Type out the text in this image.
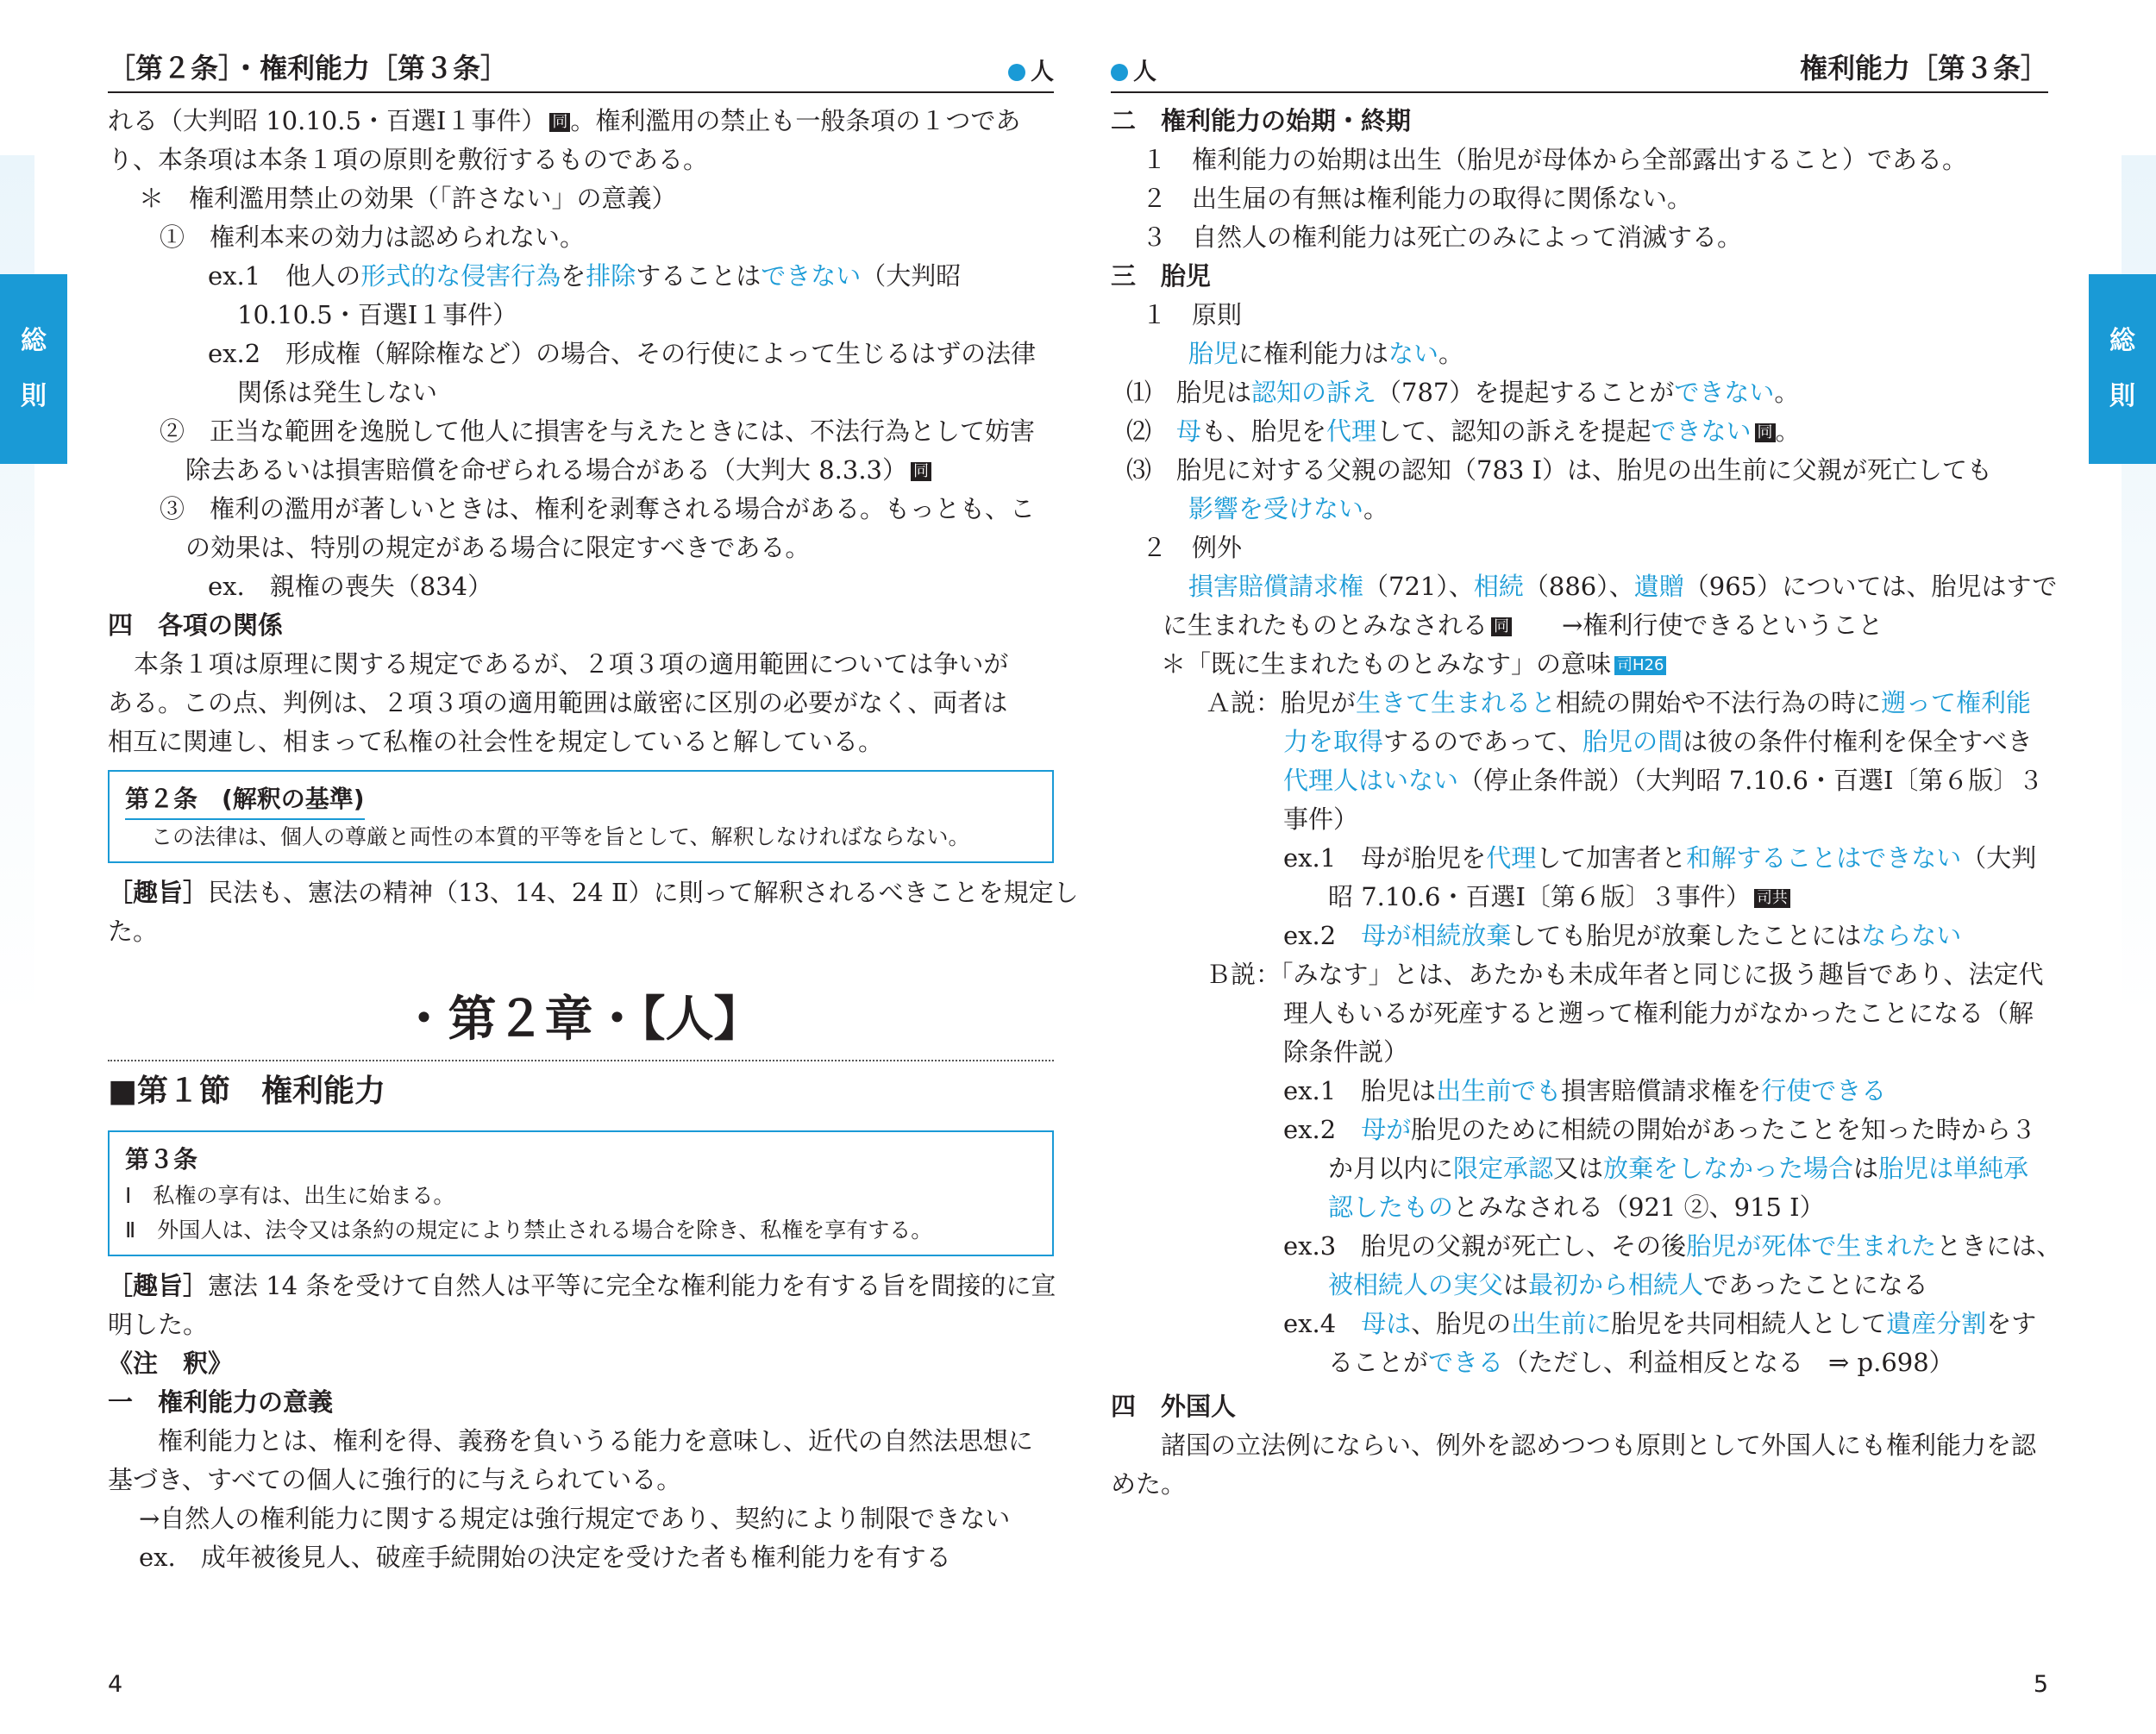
総
則
［第２条］・権利能力［第３条］	人

れる（大判昭 10.10.5・百選Ⅰ１事件） 同 。権利濫用の禁止も一般条項の１つであ

り、本条項は本条１項の原則を敷衍するものである。

＊　権利濫用禁止の効果（「許さない」の意義）

①　権利本来の効力は認められない。

ex.1　他人の形式的な侵害行為を排除することはできない（大判昭

10.10.5・百選Ⅰ１事件）

ex.2　形成権（解除権など）の場合、その行使によって生じるはずの法律

関係は発生しない

②　正当な範囲を逸脱して他人に損害を与えたときには、不法行為として妨害

除去あるいは損害賠償を命ぜられる場合がある（大判大 8.3.3） 同

③　権利の濫用が著しいときは、権利を剥奪される場合がある。もっとも、こ

の効果は、特別の規定がある場合に限定すべきである。

ex.　親権の喪失（834）

四　各項の関係

本条１項は原理に関する規定であるが、２項３項の適用範囲については争いが

ある。この点、判例は、２項３項の適用範囲は厳密に区別の必要がなく、両者は

相互に関連し、相まって私権の社会性を規定していると解している。

第２条　(解釈の基準)

この法律は、個人の尊厳と両性の本質的平等を旨として、解釈しなければならない。

［趣旨］民法も、憲法の精神（13、14、24 Ⅱ）に則って解釈されるべきことを規定し

た。

・第２章・【人】
■第１節　権利能力
第３条

Ⅰ　私権の享有は、出生に始まる。

Ⅱ　外国人は、法令又は条約の規定により禁止される場合を除き、私権を享有する。

［趣旨］憲法 14 条を受けて自然人は平等に完全な権利能力を有する旨を間接的に宣

明した。

《注　釈》

一　権利能力の意義

権利能力とは、権利を得、義務を負いうる能力を意味し、近代の自然法思想に

基づき、すべての個人に強行的に与えられている。

→自然人の権利能力に関する規定は強行規定であり、契約により制限できない

ex.　成年被後見人、破産手続開始の決定を受けた者も権利能力を有する

4
総
則
人	権利能力［第３条］

二　権利能力の始期・終期

１　権利能力の始期は出生（胎児が母体から全部露出すること）である。

２　出生届の有無は権利能力の取得に関係ない。

３　自然人の権利能力は死亡のみによって消滅する。

三　胎児

１　原則

胎児に権利能力はない。

⑴　胎児は認知の訴え（787）を提起することができない。

⑵　母も、胎児を代理して、認知の訴えを提起できない 同 。

⑶　胎児に対する父親の認知（783 Ⅰ）は、胎児の出生前に父親が死亡しても

影響を受けない。

２　例外

損害賠償請求権（721）、相続（886）、遺贈（965）については、胎児はすで

に生まれたものとみなされる 同　　 →権利行使できるということ

＊「既に生まれたものとみなす」の意味 司H26

Ａ説：胎児が生きて生まれると相続の開始や不法行為の時に遡って権利能

力を取得するのであって、胎児の間は彼の条件付権利を保全すべき

代理人はいない（停止条件説）（大判昭 7.10.6・百選Ⅰ〔第６版〕３

事件）

ex.1　母が胎児を代理して加害者と和解することはできない（大判

昭 7.10.6・百選Ⅰ〔第６版〕３事件） 司共

ex.2　母が相続放棄しても胎児が放棄したことにはならない

Ｂ説：「みなす」とは、あたかも未成年者と同じに扱う趣旨であり、法定代

理人もいるが死産すると遡って権利能力がなかったことになる（解

除条件説）

ex.1　胎児は出生前でも損害賠償請求権を行使できる

ex.2　母が胎児のために相続の開始があったことを知った時から３

か月以内に限定承認又は放棄をしなかった場合は胎児は単純承

認したものとみなされる（921 ②、915 Ⅰ）

ex.3　胎児の父親が死亡し、その後胎児が死体で生まれたときには、

被相続人の実父は最初から相続人であったことになる

ex.4　母は、胎児の出生前に胎児を共同相続人として遺産分割をす

ることができる（ただし、利益相反となる　⇒ p.698）

四　外国人

諸国の立法例にならい、例外を認めつつも原則として外国人にも権利能力を認

めた。

5
